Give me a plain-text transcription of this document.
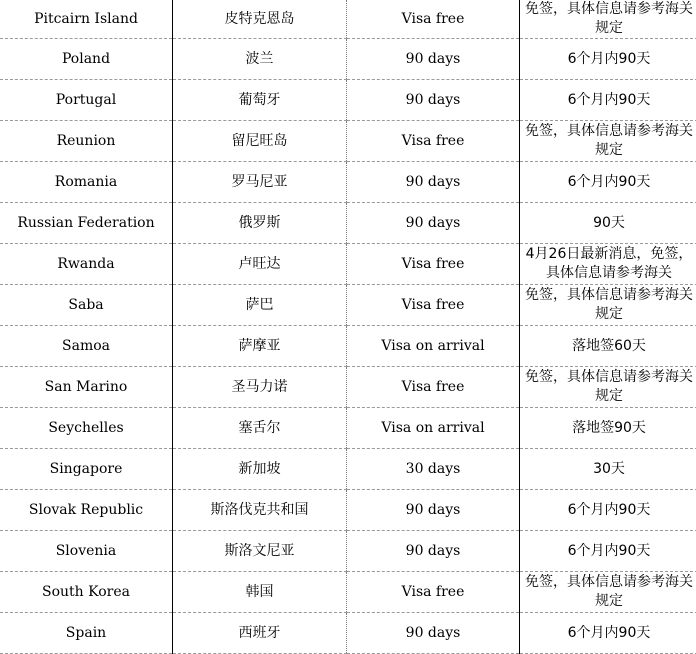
Pitcairn Island	皮特克恩岛	Visa free	免签，具体信息请参考海关规定
Poland	波兰	90 days	6个月内90天
Portugal	葡萄牙	90 days	6个月内90天
Reunion	留尼旺岛	Visa free	免签，具体信息请参考海关规定
Romania	罗马尼亚	90 days	6个月内90天
Russian Federation	俄罗斯	90 days	90天
Rwanda	卢旺达	Visa free	4月26日最新消息，免签，具体信息请参考海关
Saba	萨巴	Visa free	免签，具体信息请参考海关规定
Samoa	萨摩亚	Visa on arrival	落地签60天
San Marino	圣马力诺	Visa free	免签，具体信息请参考海关规定
Seychelles	塞舌尔	Visa on arrival	落地签90天
Singapore	新加坡	30 days	30天
Slovak Republic	斯洛伐克共和国	90 days	6个月内90天
Slovenia	斯洛文尼亚	90 days	6个月内90天
South Korea	韩国	Visa free	免签，具体信息请参考海关规定
Spain	西班牙	90 days	6个月内90天
